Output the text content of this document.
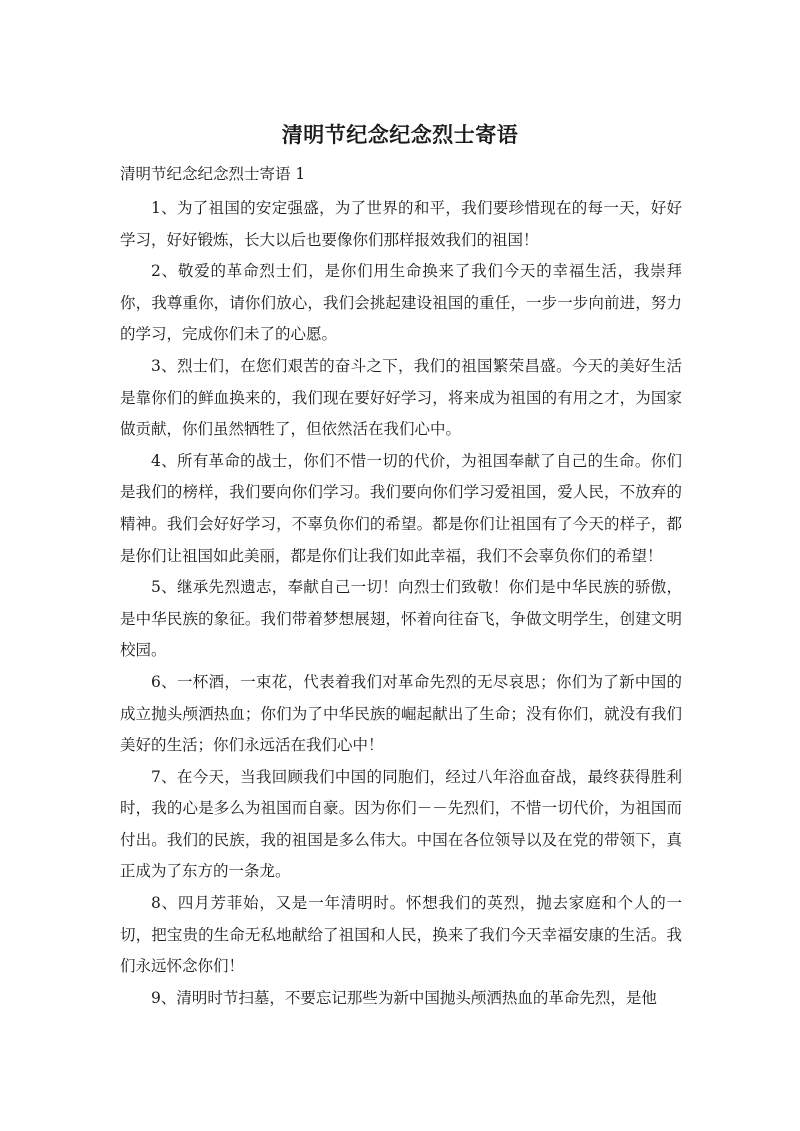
清明节纪念纪念烈士寄语
清明节纪念纪念烈士寄语 1

1、为了祖国的安定强盛，为了世界的和平，我们要珍惜现在的每一天，好好学习，好好锻炼，长大以后也要像你们那样报效我们的祖国！

2、敬爱的革命烈士们，是你们用生命换来了我们今天的幸福生活，我崇拜你，我尊重你，请你们放心，我们会挑起建设祖国的重任，一步一步向前进，努力的学习，完成你们未了的心愿。

3、烈士们，在您们艰苦的奋斗之下，我们的祖国繁荣昌盛。今天的美好生活是靠你们的鲜血换来的，我们现在要好好学习，将来成为祖国的有用之才，为国家做贡献，你们虽然牺牲了，但依然活在我们心中。

4、所有革命的战士，你们不惜一切的代价，为祖国奉献了自己的生命。你们是我们的榜样，我们要向你们学习。我们要向你们学习爱祖国，爱人民，不放弃的精神。我们会好好学习，不辜负你们的希望。都是你们让祖国有了今天的样子，都是你们让祖国如此美丽，都是你们让我们如此幸福，我们不会辜负你们的希望！

5、继承先烈遗志，奉献自己一切！向烈士们致敬！你们是中华民族的骄傲，是中华民族的象征。我们带着梦想展翅，怀着向往奋飞，争做文明学生，创建文明校园。

6、一杯酒，一束花，代表着我们对革命先烈的无尽哀思；你们为了新中国的成立抛头颅洒热血；你们为了中华民族的崛起献出了生命；没有你们，就没有我们美好的生活；你们永远活在我们心中！

7、在今天，当我回顾我们中国的同胞们，经过八年浴血奋战，最终获得胜利时，我的心是多么为祖国而自豪。因为你们－－先烈们，不惜一切代价，为祖国而付出。我们的民族，我的祖国是多么伟大。中国在各位领导以及在党的带领下，真正成为了东方的一条龙。

8、四月芳菲始，又是一年清明时。怀想我们的英烈，抛去家庭和个人的一切，把宝贵的生命无私地献给了祖国和人民，换来了我们今天幸福安康的生活。我们永远怀念你们！

9、清明时节扫墓，不要忘记那些为新中国抛头颅洒热血的革命先烈，是他
